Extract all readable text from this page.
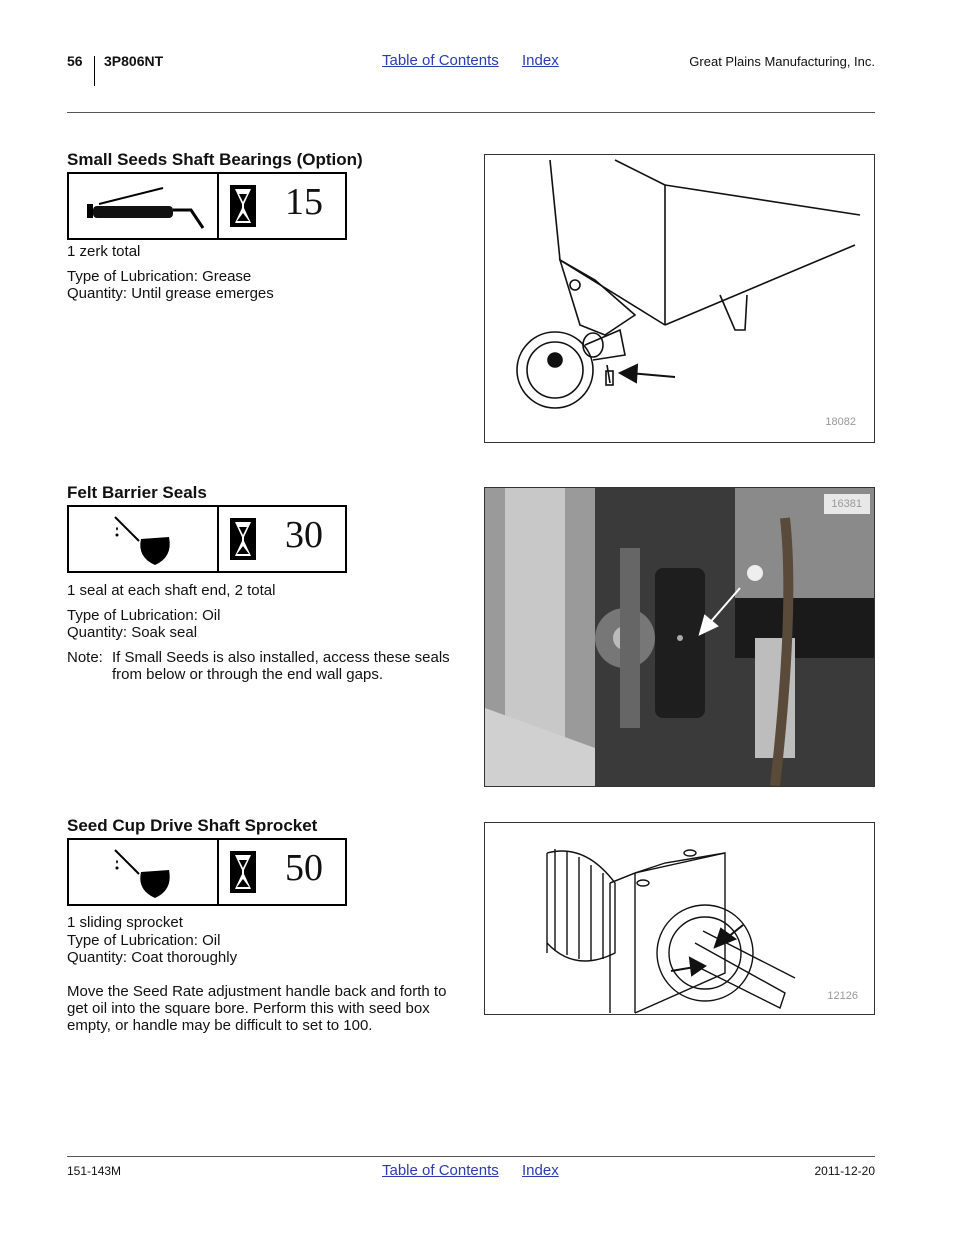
56 3P806NT	Table of Contents Index	Great Plains Manufacturing, Inc.
Small Seeds Shaft Bearings (Option)
15
1 zerk total
Type of Lubrication: Grease
Quantity: Until grease emerges
18082
Felt Barrier Seals
30
1 seal at each shaft end, 2 total
Type of Lubrication: Oil
Quantity: Soak seal
Note: If Small Seeds is also installed, access these seals
from below or through the end wall gaps.
16381
Seed Cup Drive Shaft Sprocket
50
1 sliding sprocket
Type of Lubrication: Oil
Quantity: Coat thoroughly
Move the Seed Rate adjustment handle back and forth to
get oil into the square bore. Perform this with seed box
empty, or handle may be difficult to set to 100.
12126
151-143M	Table of Contents Index	2011-12-20
